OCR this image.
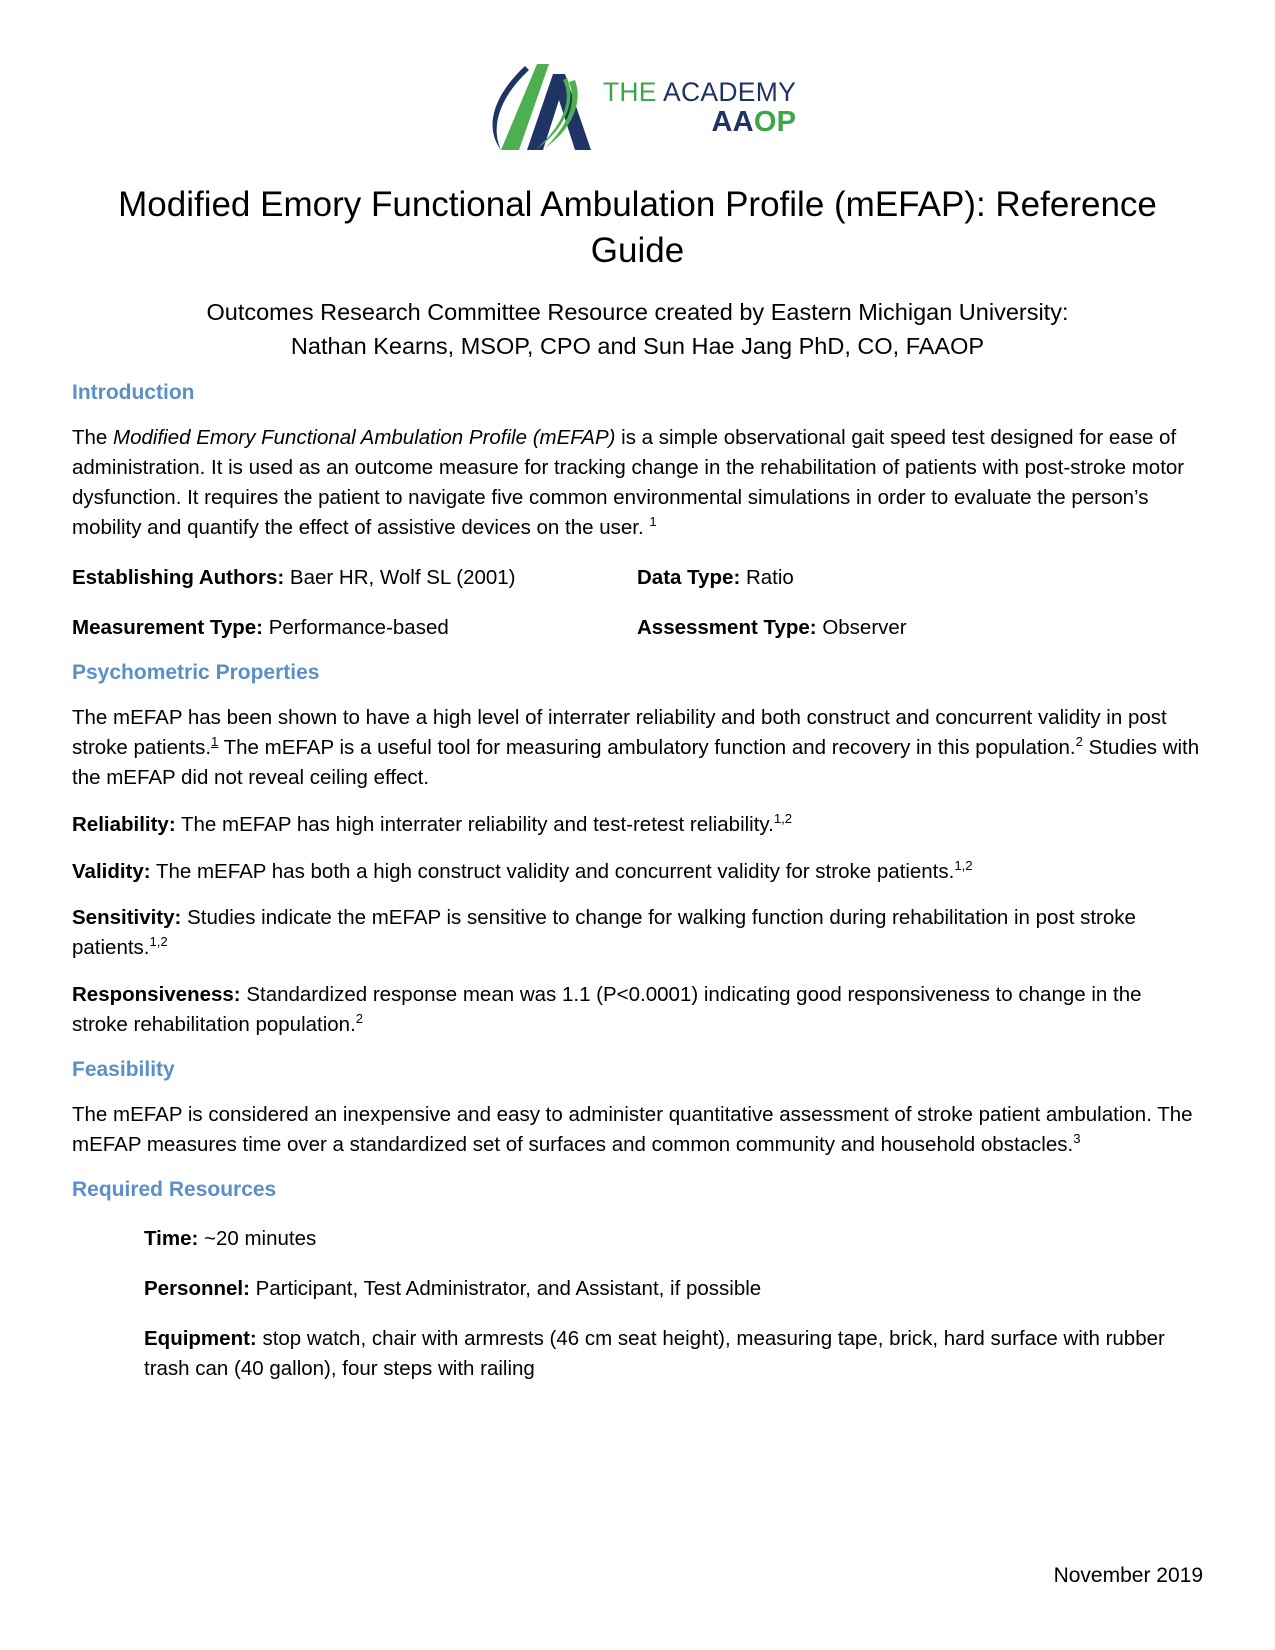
THE ACADEMY
AAOP
Modified Emory Functional Ambulation Profile (mEFAP): Reference Guide
Outcomes Research Committee Resource created by Eastern Michigan University:
Nathan Kearns, MSOP, CPO and Sun Hae Jang PhD, CO, FAAOP
Introduction

The Modified Emory Functional Ambulation Profile (mEFAP) is a simple observational gait speed test designed for ease of administration. It is used as an outcome measure for tracking change in the rehabilitation of patients with post-stroke motor dysfunction. It requires the patient to navigate five common environmental simulations in order to evaluate the person’s mobility and quantify the effect of assistive devices on the user. $^1$

Establishing Authors: Baer HR, Wolf SL (2001)	Data Type: Ratio
Measurement Type: Performance-based	Assessment Type: Observer
Psychometric Properties

The mEFAP has been shown to have a high level of interrater reliability and both construct and concurrent validity in post stroke patients.$^1$ The mEFAP is a useful tool for measuring ambulatory function and recovery in this population.$^2$ Studies with the mEFAP did not reveal ceiling effect.

Reliability: The mEFAP has high interrater reliability and test-retest reliability.$^{1,2}$

Validity: The mEFAP has both a high construct validity and concurrent validity for stroke patients.$^{1,2}$

Sensitivity: Studies indicate the mEFAP is sensitive to change for walking function during rehabilitation in post stroke patients.$^{1,2}$

Responsiveness: Standardized response mean was 1.1 (P<0.0001) indicating good responsiveness to change in the stroke rehabilitation population.$^2$

Feasibility

The mEFAP is considered an inexpensive and easy to administer quantitative assessment of stroke patient ambulation. The mEFAP measures time over a standardized set of surfaces and common community and household obstacles.$^3$

Required Resources

Time: ~20 minutes

Personnel: Participant, Test Administrator, and Assistant, if possible

Equipment: stop watch, chair with armrests (46 cm seat height), measuring tape, brick, hard surface with rubber trash can (40 gallon), four steps with railing

November 2019
